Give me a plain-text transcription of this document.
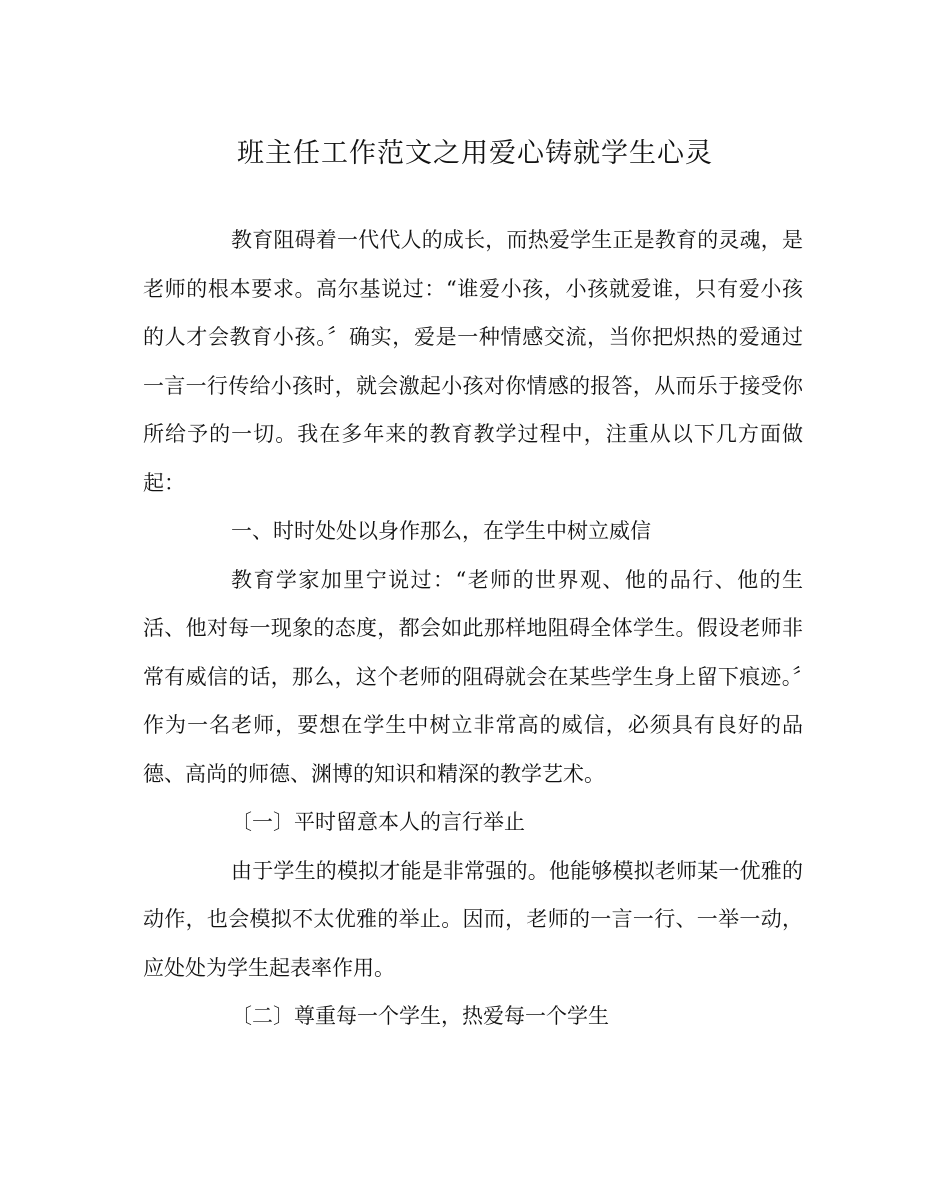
班主任工作范文之用爱心铸就学生心灵

教育阻碍着一代代人的成长，而热爱学生正是教育的灵魂，是老师的根本要求。高尔基说过：“谁爱小孩，小孩就爱谁，只有爱小孩的人才会教育小孩。〞确实，爱是一种情感交流，当你把炽热的爱通过一言一行传给小孩时，就会激起小孩对你情感的报答，从而乐于接受你所给予的一切。我在多年来的教育教学过程中，注重从以下几方面做起：

一、时时处处以身作那么，在学生中树立威信

教育学家加里宁说过：“老师的世界观、他的品行、他的生活、他对每一现象的态度，都会如此那样地阻碍全体学生。假设老师非常有威信的话，那么，这个老师的阻碍就会在某些学生身上留下痕迹。〞作为一名老师，要想在学生中树立非常高的威信，必须具有良好的品德、高尚的师德、渊博的知识和精深的教学艺术。

〔一〕平时留意本人的言行举止

由于学生的模拟才能是非常强的。他能够模拟老师某一优雅的动作，也会模拟不太优雅的举止。因而，老师的一言一行、一举一动，应处处为学生起表率作用。

〔二〕尊重每一个学生，热爱每一个学生
